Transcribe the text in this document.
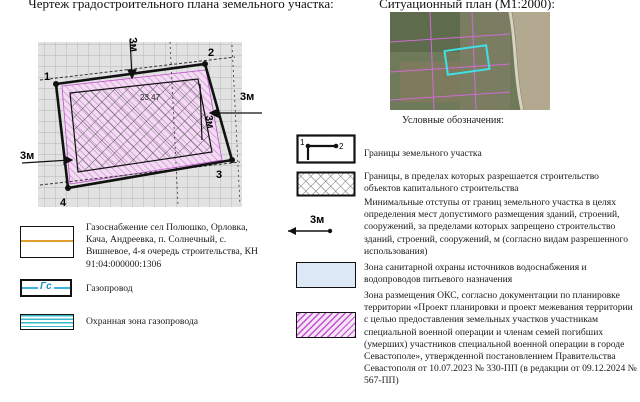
Чертеж градостроительного плана земельного участка:	Ситуационный план (М1:2000):
Условные обозначения:
1
2
3
4
3м
3м
3м
3м
23,47
Газоснабжение сел Полюшко, Орловка, Кача, Андреевка, п. Солнечный, с. Вишневое, 4-я очередь строительства, КН 91:04:000000:1306
Гс	Газопровод
Охранная зона газопровода
1	2
Границы земельного участка
Границы, в пределах которых разрешается строительство объектов капитального строительства
3м
Минимальные отступы от границ земельного участка в целях определения мест допустимого размещения зданий, строений, сооружений, за пределами которых запрещено строительство зданий, строений, сооружений, м (согласно видам разрешенного использования)
Зона санитарной охраны источников водоснабжения и водопроводов питьевого назначения
Зона размещения ОКС, согласно документации по планировке территории «Проект планировки и проект межевания территории с целью предоставления земельных участков участникам специальной военной операции и членам семей погибших (умерших) участников специальной военной операции в городе Севастополе», утвержденной постановлением Правительства Севастополя от 10.07.2023 № 330-ПП (в редакции от 09.12.2024 № 567-ПП)
